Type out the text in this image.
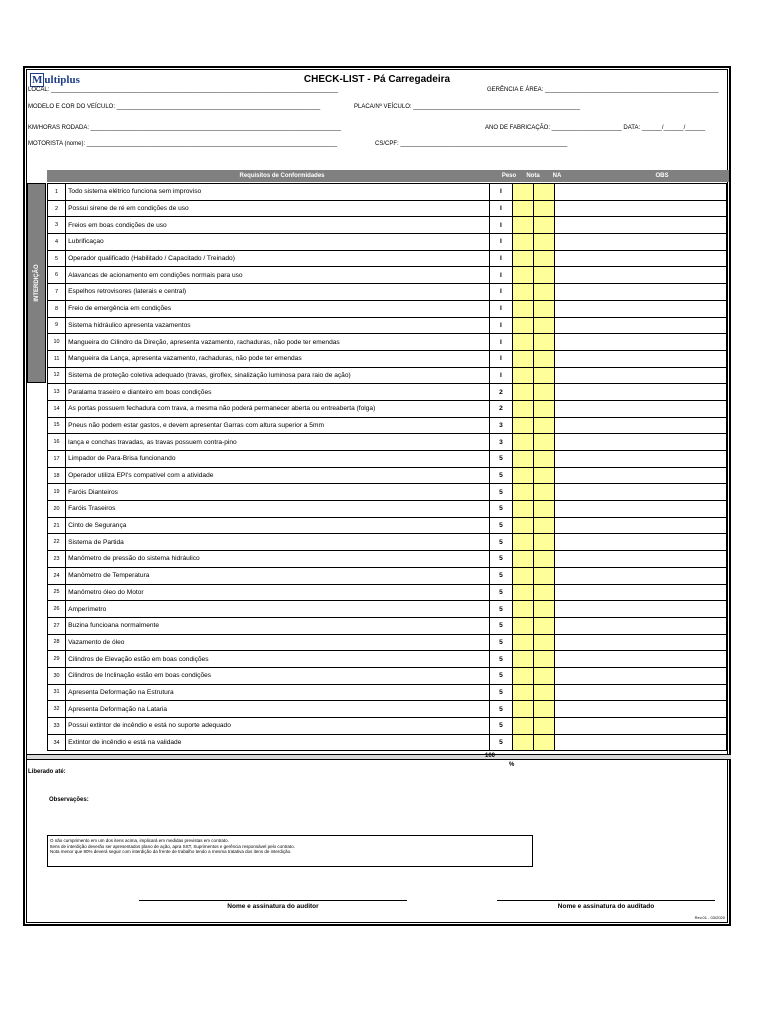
M ultiplus	CHECK-LIST - Pá Carregadeira
LOCAL: ______________________________________________________________________________________	GERÊNCIA E ÁREA: ____________________________________________________
MODELO E COR DO VEÍCULO: _____________________________________________________________	PLACA/Nº VEÍCULO: __________________________________________________
KM/HORAS RODADA: ___________________________________________________________________________	ANO DE FABRICAÇÃO: _____________________ DATA: ______/______/______
MOTORISTA (nome): ___________________________________________________________________________	CS/CPF: __________________________________________________
Requisitos de Conformidades	Peso	Nota	NA	OBS
INTERDIÇÃO
1	Todo sistema elétrico funciona sem improviso	I			
2	Possui sirene de ré em condições de uso	I			
3	Freios em boas condições de uso	I			
4	Lubrificaçao	I			
5	Operador qualificado (Habilitado / Capacitado / Treinado)	I			
6	Alavancas de acionamento em condições normais para uso	I			
7	Espelhos retrovisores (laterais e central)	I			
8	Freio de emergência em condições	I			
9	Sistema hidráulico apresenta vazamentos	I			
10	Mangueira do Cilindro da Direção, apresenta vazamento, rachaduras, não pode ter emendas	I			
11	Mangueira da Lança, apresenta vazamento, rachaduras, não pode ter emendas	I			
12	Sistema de proteção coletiva adequado (travas, giroflex, sinalização luminosa para raio de ação)	I			
13	Paralama traseiro e dianteiro em boas condições	2			
14	As portas possuem fechadura com trava, a mesma não poderá permanecer aberta ou entreaberta (folga)	2			
15	Pneus não podem estar gastos, e devem apresentar Garras com altura superior a 5mm	3			
16	lança e conchas travadas, as travas possuem contra-pino	3			
17	Limpador de Para-Brisa funcionando	5			
18	Operador utiliza EPI's compatível com a atividade	5			
19	Faróis Dianteiros	5			
20	Faróis Traseiros	5			
21	Cinto de Segurança	5			
22	Sistema de Partida	5			
23	Manômetro de pressão do sistema hidráulico	5			
24	Manômetro de Temperatura	5			
25	Manômetro óleo do Motor	5			
26	Amperímetro	5			
27	Buzina funcioana normalmente	5			
28	Vazamento de óleo	5			
29	Cilindros de Elevação estão em boas condições	5			
30	Cilindros de Inclinação estão em boas condições	5			
31	Apresenta Deformação na Estrutura	5			
32	Apresenta Deformação na Lataria	5			
33	Possui extintor de incêndio e está no suporte adequado	5			
34	Extintor de incêndio e está na validade	5			
100
%
Liberado até:
Observações:
O não cumprimento em um dos itens acima, implicará em medidas previstas em contrato.
Itens de interdição deverão ser apresentados plano de ação, apra SST, Suprimentos e gerência responsável pelo contrato.
Nota menor que 80% deverá seguir com interdição da frente de trabalho tendo a mesma tratativa dos itens de interdição.
Nome e assinatura do auditor	Nome e assinatura do auditado
Rev.01 - 03/2020
